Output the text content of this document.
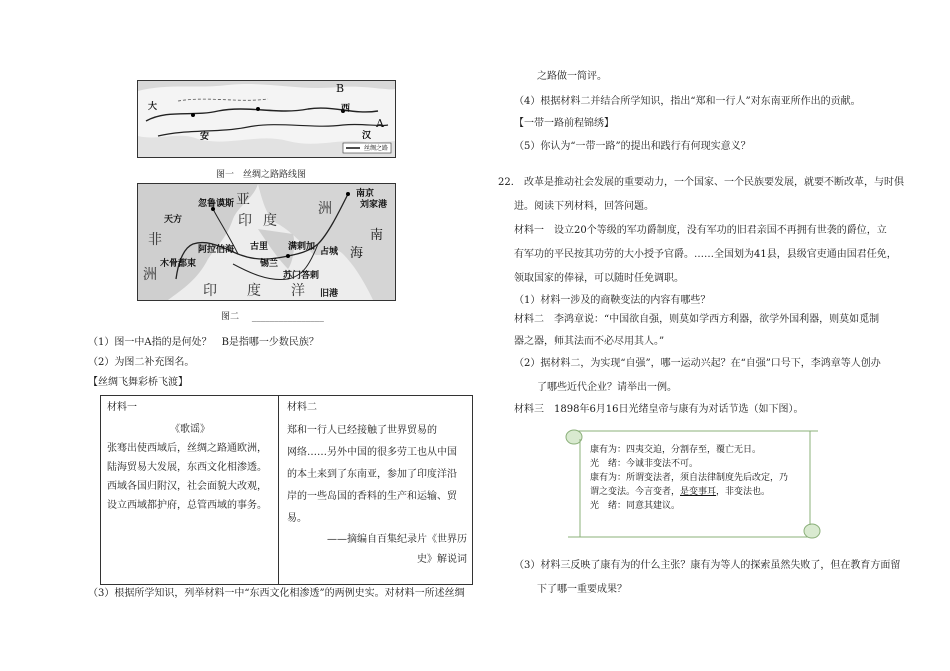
B
西
汉
A
大
安
丝绸之路
图一　丝绸之路路线图
亚
洲
印 度
印　度　洋
非
洲
南京
刘家港
忽鲁谟斯
天方
阿拉伯海
木骨都束
古里
锡兰
满剌加
苏门答剌
占城
旧港
南
海
图二 ________________
（1）图一中A指的是何处？　B是指哪一少数民族？
（2）为图二补充图名。
【丝绸飞舞彩桥飞渡】
材料一
《歌谣》
张骞出使西域后，丝绸之路通欧洲，
陆海贸易大发展，东西文化相渗透。
西域各国归附汉，社会面貌大改观，
设立西域都护府，总管西域的事务。
材料二
郑和一行人已经接触了世界贸易的
网络……另外中国的很多劳工也从中国
的本土来到了东南亚，参加了印度洋沿
岸的一些岛国的香料的生产和运输、贸
易。
——摘编自百集纪录片《世界历
史》解说词
（3）根据所学知识，列举材料一中“东西文化相渗透”的两例史实。对材料一所述丝绸
之路做一简评。
（4）根据材料二并结合所学知识，指出“郑和一行人”对东南亚所作出的贡献。
【一带一路前程锦绣】
（5）你认为“一带一路”的提出和践行有何现实意义？
22． 改革是推动社会发展的重要动力，一个国家、一个民族要发展，就要不断改革，与时俱
进。阅读下列材料，回答问题。
材料一　设立20个等级的军功爵制度，没有军功的旧君亲国不再拥有世袭的爵位，立
有军功的平民按其功劳的大小授予官爵。……全国划为41县，县级官吏通由国君任免，
领取国家的俸禄，可以随时任免调职。
（1）材料一涉及的商鞅变法的内容有哪些？
材料二　李鸿章说：“中国欲自强，则莫如学西方利器，欲学外国利器，则莫如觅制
器之器，师其法而不必尽用其人。”
（2）据材料二，为实现“自强”，哪一运动兴起？在“自强”口号下，李鸿章等人创办
了哪些近代企业？请举出一例。
材料三　1898年6月16日光绪皇帝与康有为对话节选（如下图）。
康有为：四夷交迫，分割存至，覆亡无日。
光　绪：今诚非变法不可。
康有为：所谓变法者，须自法律制度先后改定，乃
谓之变法。今言变者，是变事耳，非变法也。
光　绪：同意其建议。
（3）材料三反映了康有为的什么主张？康有为等人的探索虽然失败了，但在教育方面留
下了哪一重要成果？
